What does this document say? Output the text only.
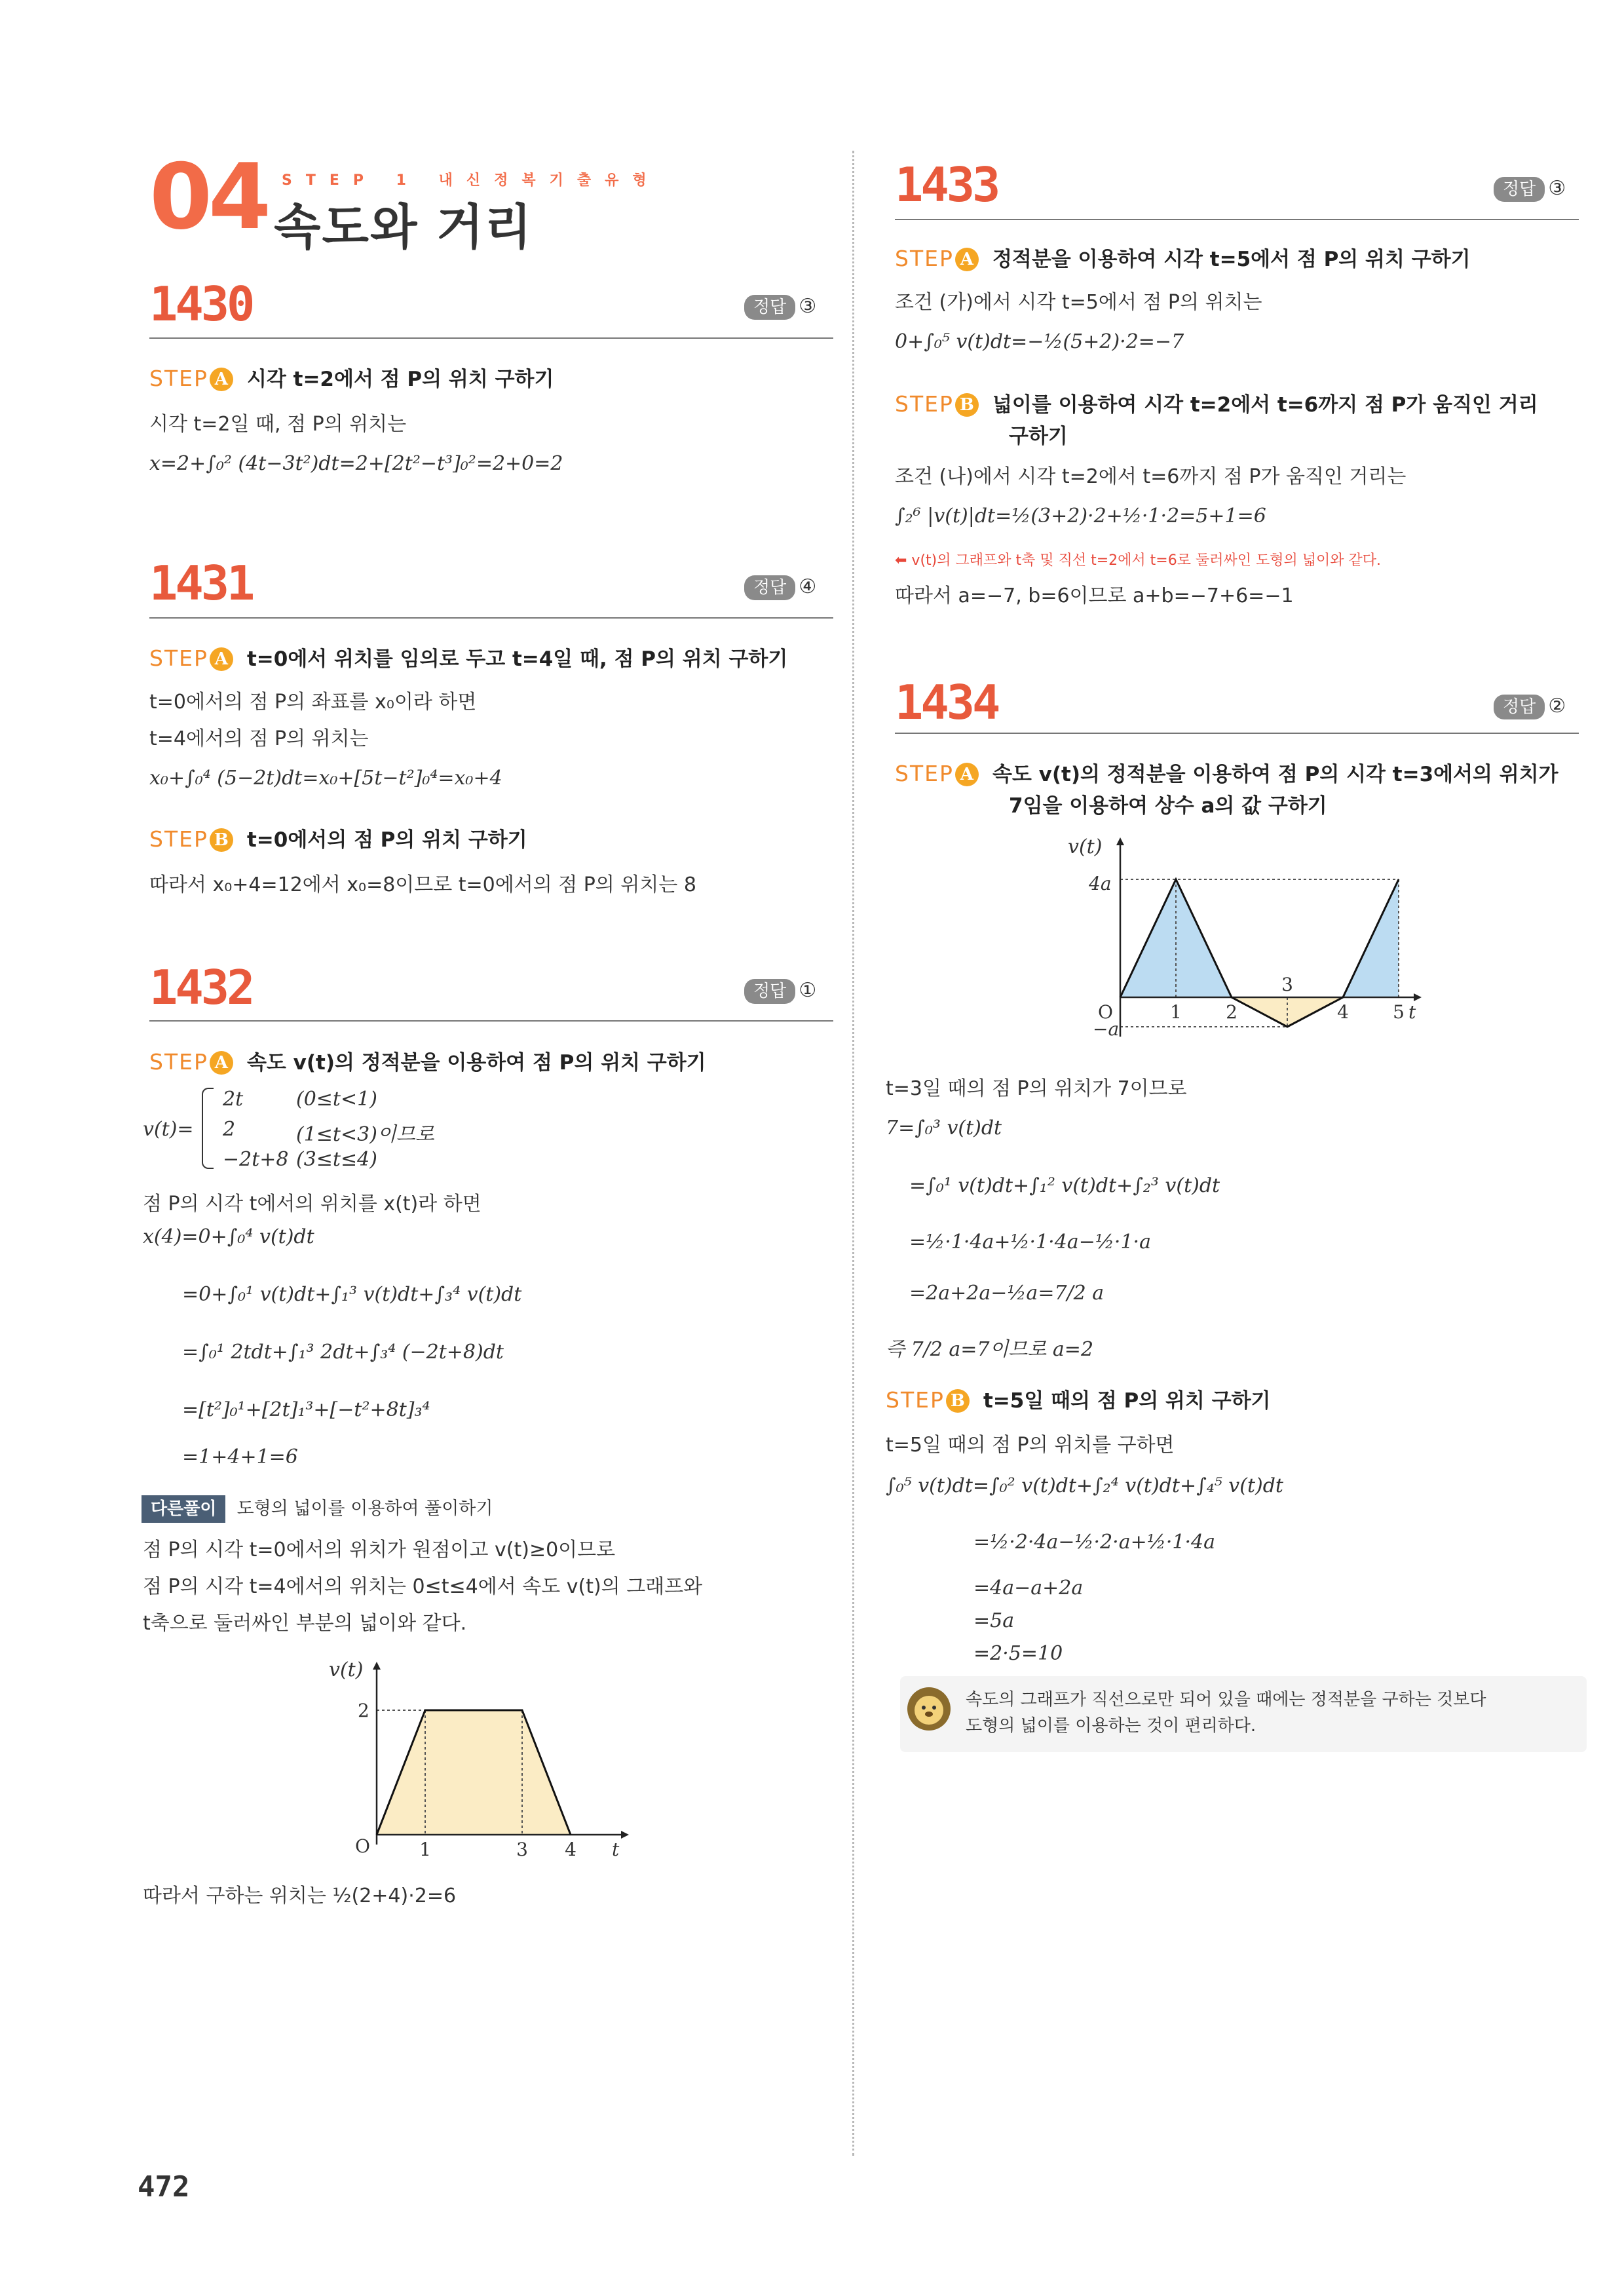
04 STEP 1 내신정복기출유형
속도와 거리
1430	정답 ③
STEP A 시각 t=2에서 점 P의 위치 구하기
시각 t=2일 때, 점 P의 위치는
x=2+∫₀² (4t−3t²)dt=2+[2t²−t³]₀²=2+0=2
1431	정답 ④
STEP A t=0에서 위치를 임의로 두고 t=4일 때, 점 P의 위치 구하기
t=0에서의 점 P의 좌표를 x₀이라 하면
t=4에서의 점 P의 위치는
x₀+∫₀⁴ (5−2t)dt=x₀+[5t−t²]₀⁴=x₀+4
STEP B t=0에서의 점 P의 위치 구하기
따라서 x₀+4=12에서 x₀=8이므로 t=0에서의 점 P의 위치는 8
1432	정답 ①
STEP A 속도 v(t)의 정적분을 이용하여 점 P의 위치 구하기
v(t)=
2t	(0≤t<1)
2	(1≤t<3)이므로
−2t+8 (3≤t≤4)
점 P의 시각 t에서의 위치를 x(t)라 하면
x(4)=0+∫₀⁴ v(t)dt
=0+∫₀¹ v(t)dt+∫₁³ v(t)dt+∫₃⁴ v(t)dt
=∫₀¹ 2tdt+∫₁³ 2dt+∫₃⁴ (−2t+8)dt
=[t²]₀¹+[2t]₁³+[−t²+8t]₃⁴
=1+4+1=6
다른풀이 도형의 넓이를 이용하여 풀이하기
점 P의 시각 t=0에서의 위치가 원점이고 v(t)≥0이므로
점 P의 시각 t=4에서의 위치는 0≤t≤4에서 속도 v(t)의 그래프와
t축으로 둘러싸인 부분의 넓이와 같다.
v(t)
O
2
1	3 4 t
따라서 구하는 위치는 ½(2+4)·2=6
472
1433	정답 ③
STEP A 정적분을 이용하여 시각 t=5에서 점 P의 위치 구하기
조건 (가)에서 시각 t=5에서 점 P의 위치는
0+∫₀⁵ v(t)dt=−½(5+2)·2=−7
STEP B 넓이를 이용하여 시각 t=2에서 t=6까지 점 P가 움직인 거리
구하기
조건 (나)에서 시각 t=2에서 t=6까지 점 P가 움직인 거리는
∫₂⁶ |v(t)|dt=½(3+2)·2+½·1·2=5+1=6
⬅ v(t)의 그래프와 t축 및 직선 t=2에서 t=6로 둘러싸인 도형의 넓이와 같다.
따라서 a=−7, b=6이므로 a+b=−7+6=−1
1434	정답 ②
STEP A 속도 v(t)의 정적분을 이용하여 점 P의 시각 t=3에서의 위치가
7임을 이용하여 상수 a의 값 구하기
v(t)
O
4a
−a
1 2
3
4 5 t
t=3일 때의 점 P의 위치가 7이므로
7=∫₀³ v(t)dt
=∫₀¹ v(t)dt+∫₁² v(t)dt+∫₂³ v(t)dt
=½·1·4a+½·1·4a−½·1·a
=2a+2a−½a=7/2 a
즉 7/2 a=7이므로 a=2
STEP B t=5일 때의 점 P의 위치 구하기
t=5일 때의 점 P의 위치를 구하면
∫₀⁵ v(t)dt=∫₀² v(t)dt+∫₂⁴ v(t)dt+∫₄⁵ v(t)dt
=½·2·4a−½·2·a+½·1·4a
=4a−a+2a
=5a
=2·5=10
속도의 그래프가 직선으로만 되어 있을 때에는 정적분을 구하는 것보다
도형의 넓이를 이용하는 것이 편리하다.
